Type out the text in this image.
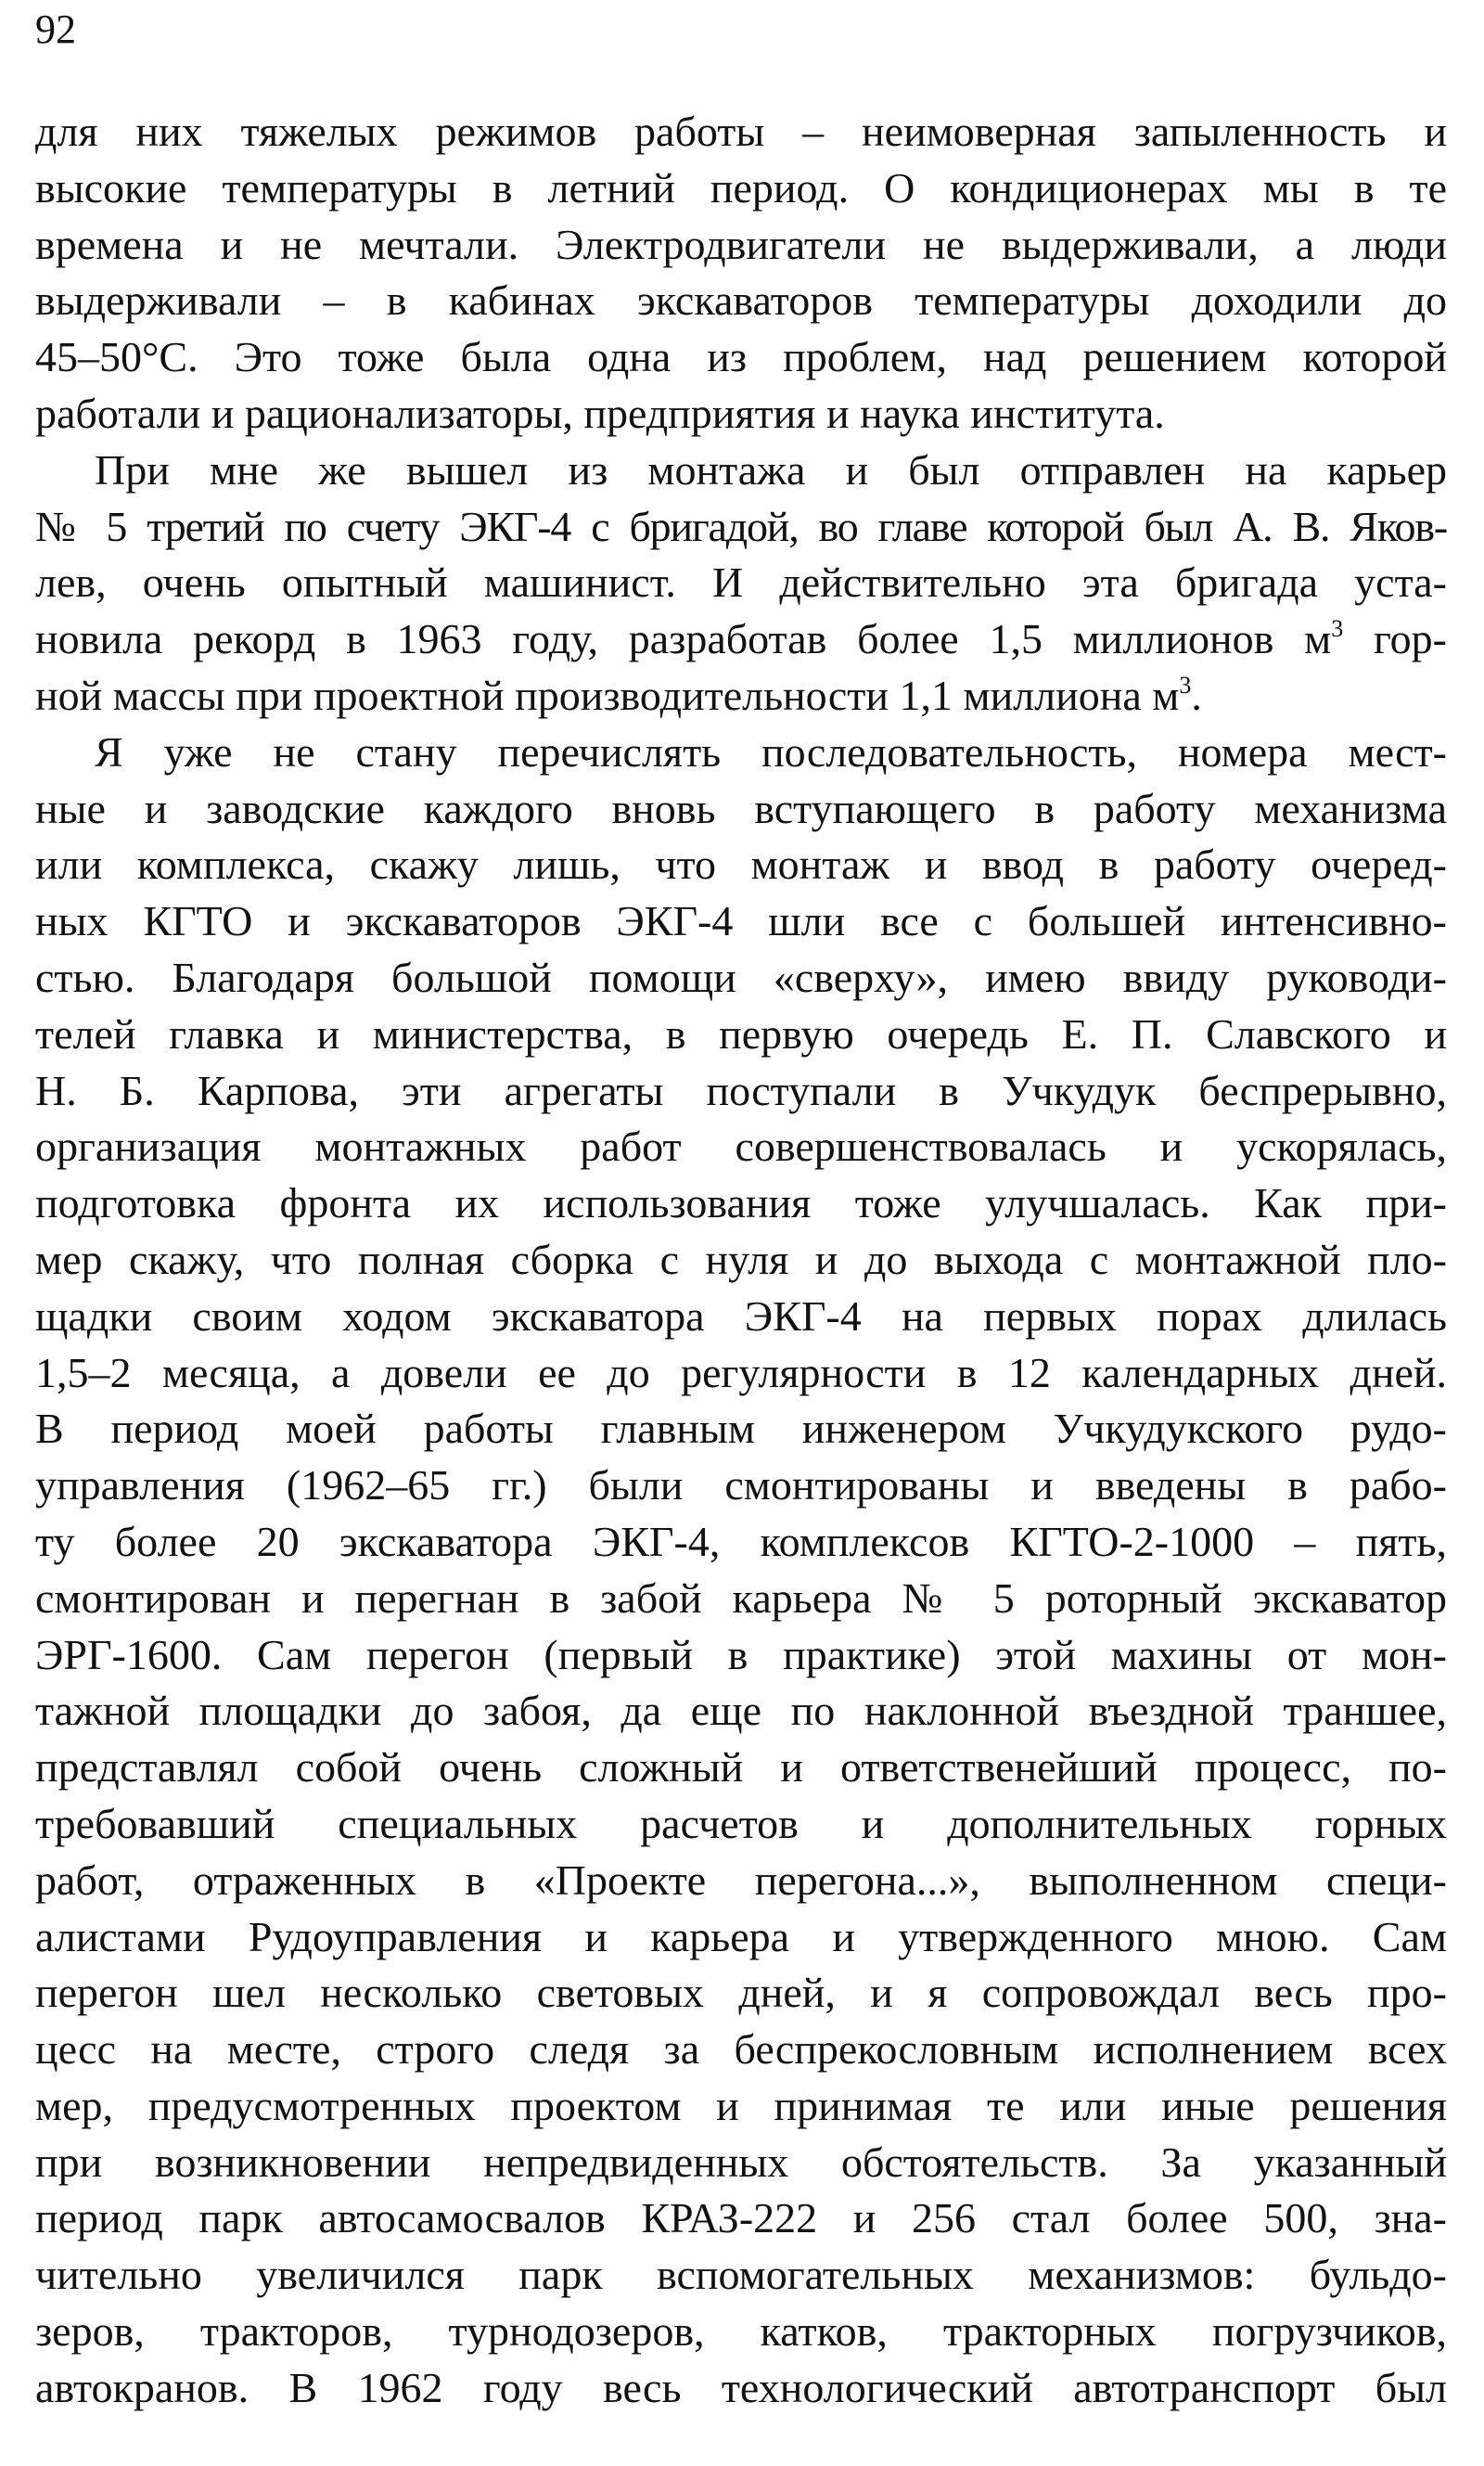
92
для них тяжелых режимов работы – неимоверная запыленность и
высокие температуры в летний период. О кондиционерах мы в те
времена и не мечтали. Электродвигатели не выдерживали, а люди
выдерживали – в кабинах экскаваторов температуры доходили до
45–50°С. Это тоже была одна из проблем, над решением которой
работали и рационализаторы, предприятия и наука института.
При мне же вышел из монтажа и был отправлен на карьер
№ 5 третий по счету ЭКГ-4 с бригадой, во главе которой был А. В. Яков-
лев, очень опытный машинист. И действительно эта бригада уста-
новила рекорд в 1963 году, разработав более 1,5 миллионов $м^3$ гор-
ной массы при проектной производительности 1,1 миллиона $м^3$.
Я уже не стану перечислять последовательность, номера мест-
ные и заводские каждого вновь вступающего в работу механизма
или комплекса, скажу лишь, что монтаж и ввод в работу очеред-
ных КГТО и экскаваторов ЭКГ-4 шли все с большей интенсивно-
стью. Благодаря большой помощи «сверху», имею ввиду руководи-
телей главка и министерства, в первую очередь Е. П. Славского и
Н. Б. Карпова, эти агрегаты поступали в Учкудук беспрерывно,
организация монтажных работ совершенствовалась и ускорялась,
подготовка фронта их использования тоже улучшалась. Как при-
мер скажу, что полная сборка с нуля и до выхода с монтажной пло-
щадки своим ходом экскаватора ЭКГ-4 на первых порах длилась
1,5–2 месяца, а довели ее до регулярности в 12 календарных дней.
В период моей работы главным инженером Учкудукского рудо-
управления (1962–65 гг.) были смонтированы и введены в рабо-
ту более 20 экскаватора ЭКГ-4, комплексов КГТО-2-1000 – пять,
смонтирован и перегнан в забой карьера № 5 роторный экскаватор
ЭРГ-1600. Сам перегон (первый в практике) этой махины от мон-
тажной площадки до забоя, да еще по наклонной въездной траншее,
представлял собой очень сложный и ответственейший процесс, по-
требовавший специальных расчетов и дополнительных горных
работ, отраженных в «Проекте перегона...», выполненном специ-
алистами Рудоуправления и карьера и утвержденного мною. Сам
перегон шел несколько световых дней, и я сопровождал весь про-
цесс на месте, строго следя за беспрекословным исполнением всех
мер, предусмотренных проектом и принимая те или иные решения
при возникновении непредвиденных обстоятельств. За указанный
период парк автосамосвалов КРАЗ-222 и 256 стал более 500, зна-
чительно увеличился парк вспомогательных механизмов: бульдо-
зеров, тракторов, турнодозеров, катков, тракторных погрузчиков,
автокранов. В 1962 году весь технологический автотранспорт был
